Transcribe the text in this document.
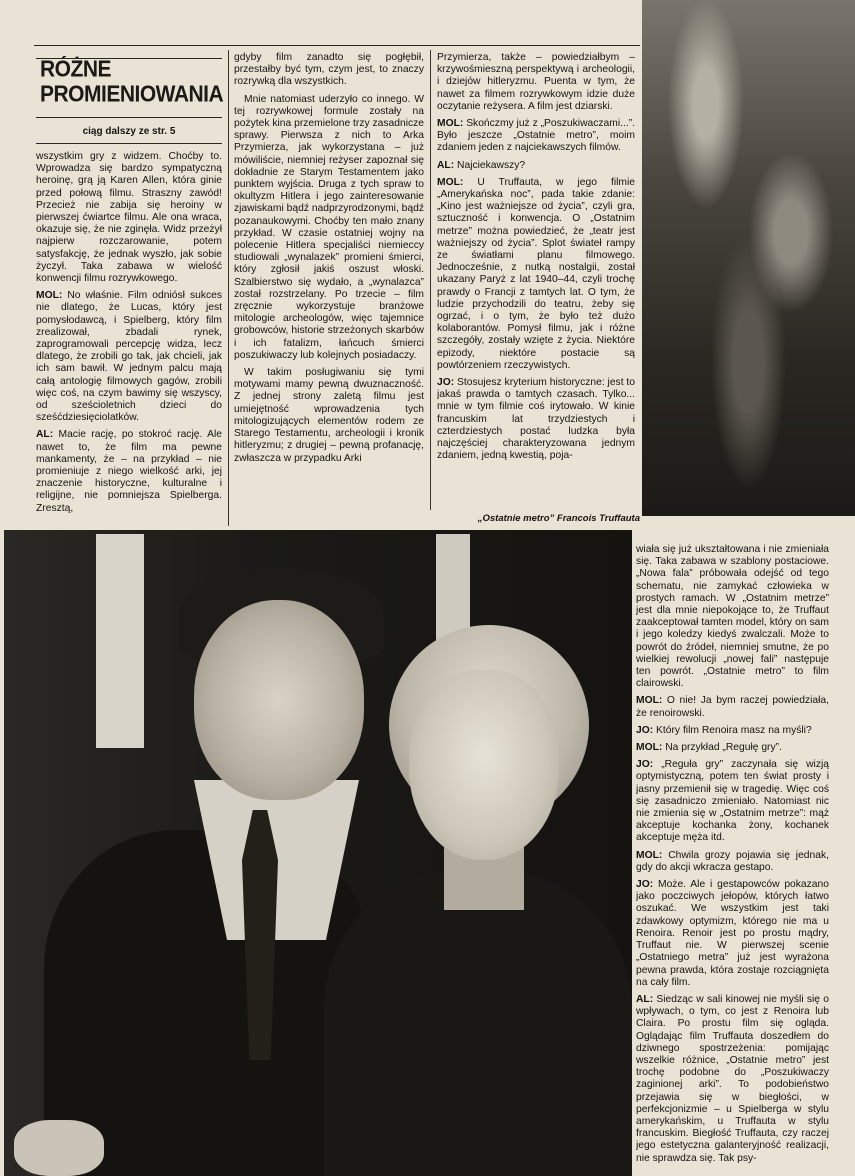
RÓŻNE
PROMIENIOWANIA
ciąg dalszy ze str. 5

wszystkim gry z widzem. Choćby to. Wprowadza się bardzo sympatyczną heroinę, grą ją Karen Allen, która ginie przed połową filmu. Straszny zawód! Przecież nie zabija się heroiny w pierwszej ćwiartce filmu. Ale ona wraca, okazuje się, że nie zginęła. Widz przeżył najpierw rozczarowanie, potem satysfakcję, że jednak wyszło, jak sobie życzył. Taka zabawa w wielość konwencji filmu rozrywkowego.

MOL: No właśnie. Film odniósł sukces nie dlatego, że Lucas, który jest pomysłodawcą, i Spielberg, który film zrealizował, zbadali rynek, zaprogramowali percepcję widza, lecz dlatego, że zrobili go tak, jak chcieli, jak ich sam bawił. W jednym palcu mają całą antologię filmowych gagów, zrobili więc coś, na czym bawimy się wszyscy, od sześcioletnich dzieci do sześćdziesięciolatków.

AL: Macie rację, po stokroć rację. Ale nawet to, że film ma pewne mankamenty, że – na przykład – nie promieniuje z niego wielkość arki, jej znaczenie historyczne, kulturalne i religijne, nie pomniejsza Spielberga. Zresztą,

gdyby film zanadto się pogłębił, przestałby być tym, czym jest, to znaczy rozrywką dla wszystkich.

Mnie natomiast uderzyło co innego. W tej rozrywkowej formule zostały na pożytek kina przemielone trzy zasadnicze sprawy. Pierwsza z nich to Arka Przymierza, jak wykorzystana – już mówiliście, niemniej reżyser zapoznał się dokładnie ze Starym Testamentem jako punktem wyjścia. Druga z tych spraw to okultyzm Hitlera i jego zainteresowanie zjawiskami bądź nadprzyrodzonymi, bądź pozanaukowymi. Choćby ten mało znany przykład. W czasie ostatniej wojny na polecenie Hitlera specjaliści niemieccy studiowali „wynalazek” promieni śmierci, który zgłosił jakiś oszust włoski. Szalbierstwo się wydało, a „wynalazca” został rozstrzelany. Po trzecie – film zręcznie wykorzystuje branżowe mitologie archeologów, więc tajemnice grobowców, historie strzeżonych skarbów i ich fatalizm, łańcuch śmierci poszukiwaczy lub kolejnych posiadaczy.

W takim posługiwaniu się tymi motywami mamy pewną dwuznaczność. Z jednej strony zaletą filmu jest umiejętność wprowadzenia tych mitologizujących elementów rodem ze Starego Testamentu, archeologii i kronik hitleryzmu; z drugiej – pewną profanację, zwłaszcza w przypadku Arki

Przymierza, także – powiedziałbym – krzywośmieszną perspektywą i archeologii, i dziejów hitleryzmu. Puenta w tym, że nawet za filmem rozrywkowym idzie duże oczytanie reżysera. A film jest dziarski.

MOL: Skończmy już z „Poszukiwaczami...”. Było jeszcze „Ostatnie metro”, moim zdaniem jeden z najciekawszych filmów.

AL: Najciekawszy?

MOL: U Truffauta, w jego filmie „Amerykańska noc”, pada takie zdanie: „Kino jest ważniejsze od życia”, czyli gra, sztuczność i konwencja. O „Ostatnim metrze” można powiedzieć, że „teatr jest ważniejszy od życia”. Splot świateł rampy ze światłami planu filmowego. Jednocześnie, z nutką nostalgii, został ukazany Paryż z lat 1940–44, czyli trochę prawdy o Francji z tamtych lat. O tym, że ludzie przychodzili do teatru, żeby się ogrzać, i o tym, że było też dużo kolaborantów. Pomysł filmu, jak i różne szczegóły, zostały wzięte z życia. Niektóre epizody, niektóre postacie są powtórzeniem rzeczywistych.

JO: Stosujesz kryterium historyczne: jest to jakaś prawda o tamtych czasach. Tylko... mnie w tym filmie coś irytowało. W kinie francuskim lat trzydziestych i czterdziestych postać ludzka była najczęściej charakteryzowana jednym zdaniem, jedną kwestią, poja-

„Ostatnie metro” Francois Truffauta

wiała się już ukształtowana i nie zmieniała się. Taka zabawa w szablony postaciowe. „Nowa fala” próbowała odejść od tego schematu, nie zamykać człowieka w prostych ramach. W „Ostatnim metrze” jest dla mnie niepokojące to, że Truffaut zaakceptował tamten model, który on sam i jego koledzy kiedyś zwalczali. Może to powrót do źródeł, niemniej smutne, że po wielkiej rewolucji „nowej fali” następuje ten powrót. „Ostatnie metro” to film clairowski.

MOL: O nie! Ja bym raczej powiedziała, że renoirowski.

JO: Który film Renoira masz na myśli?

MOL: Na przykład „Regułę gry”.

JO: „Reguła gry” zaczynała się wizją optymistyczną, potem ten świat prosty i jasny przemienił się w tragedię. Więc coś się zasadniczo zmieniało. Natomiast nic nie zmienia się w „Ostatnim metrze”: mąż akceptuje kochanka żony, kochanek akceptuje męża itd.

MOL: Chwila grozy pojawia się jednak, gdy do akcji wkracza gestapo.

JO: Może. Ale i gestapowców pokazano jako poczciwych jełopów, których łatwo oszukać. We wszystkim jest taki zdawkowy optymizm, którego nie ma u Renoira. Renoir jest po prostu mądry, Truffaut nie. W pierwszej scenie „Ostatniego metra” już jest wyrażona pewna prawda, która zostaje rozciągnięta na cały film.

AL: Siedząc w sali kinowej nie myśli się o wpływach, o tym, co jest z Renoira lub Claira. Po prostu film się ogląda. Oglądając film Truffauta doszedłem do dziwnego spostrzeżenia: pomijając wszelkie różnice, „Ostatnie metro” jest trochę podobne do „Poszukiwaczy zaginionej arki”. To podobieństwo przejawia się w biegłości, w perfekcjonizmie – u Spielberga w stylu amerykańskim, u Truffauta w stylu francuskim. Biegłość Truffauta, czy raczej jego estetyczna galanteryjność realizacji, nie sprawdza się. Tak psy-
